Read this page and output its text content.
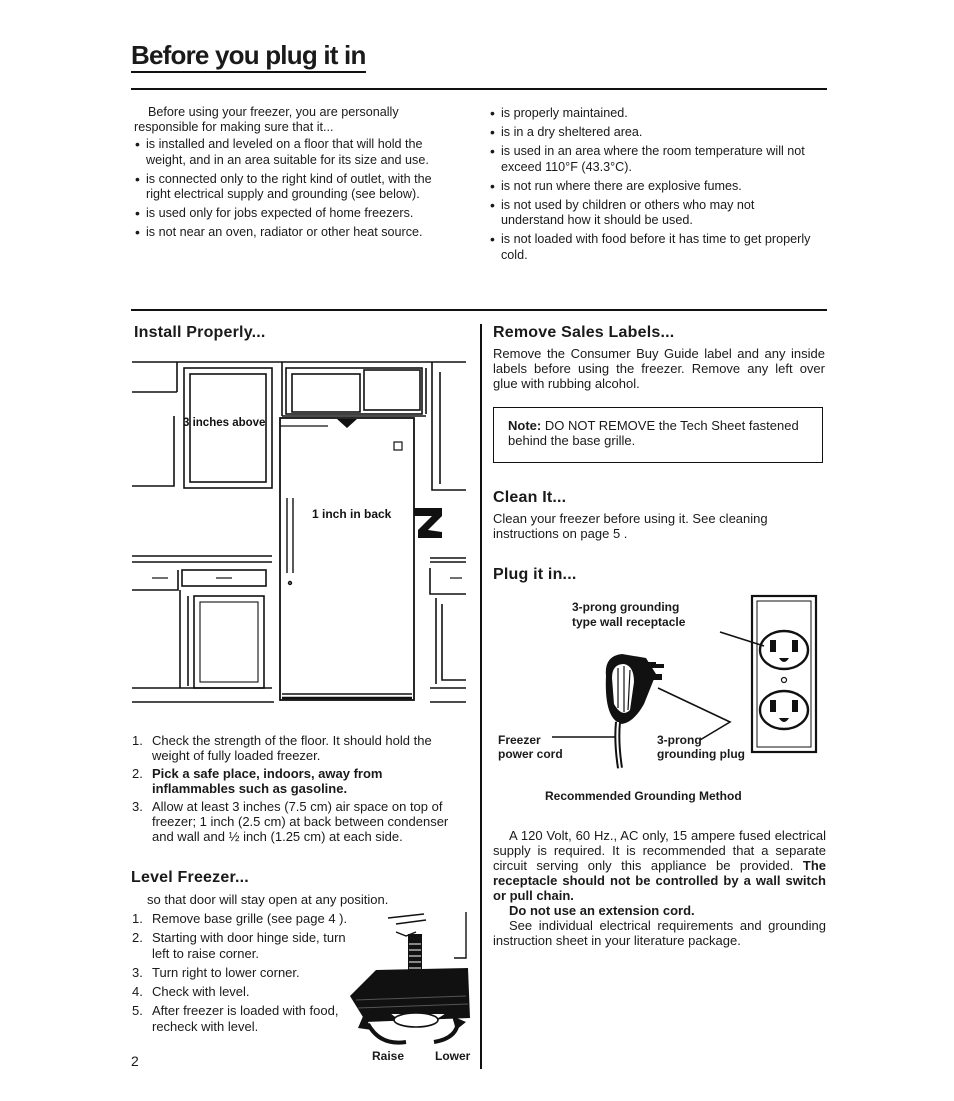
Before you plug it in

Before using your freezer, you are personally responsible for making sure that it...

• is installed and leveled on a floor that will hold the weight, and in an area suitable for its size and use.
• is connected only to the right kind of outlet, with the right electrical supply and grounding (see below).
• is used only for jobs expected of home freezers.
• is not near an oven, radiator or other heat source.
• is properly maintained.
• is in a dry sheltered area.
• is used in an area where the room temperature will not exceed 110°F (43.3°C).
• is not run where there are explosive fumes.
• is not used by children or others who may not understand how it should be used.
• is not loaded with food before it has time to get properly cold.
Install Properly...
3 inches above
1 inch in back
1. Check the strength of the floor. It should hold the weight of fully loaded freezer.
2. Pick a safe place, indoors, away from inflammables such as gasoline.
3. Allow at least 3 inches (7.5 cm) air space on top of freezer; 1 inch (2.5 cm) at back between condenser and wall and ½ inch (1.25 cm) at each side.
Level Freezer...

so that door will stay open at any position.

1. Remove base grille (see page 4 ).
2. Starting with door hinge side, turn left to raise corner.
3. Turn right to lower corner.
4. Check with level.
5. After freezer is loaded with food, recheck with level.
Raise	Lower
2
Remove Sales Labels...

Remove the Consumer Buy Guide label and any inside labels before using the freezer. Remove any left over glue with rubbing alcohol.

Note: DO NOT REMOVE the Tech Sheet fastened behind the base grille.
Clean It...

Clean your freezer before using it. See cleaning instructions on page 5 .

Plug it in...
3-prong grounding
type wall receptacle
Freezer
power cord
3-prong
grounding plug
Recommended Grounding Method

A 120 Volt, 60 Hz., AC only, 15 ampere fused electrical supply is required. It is recommended that a separate circuit serving only this appliance be provided. The receptacle should not be controlled by a wall switch or pull chain.

Do not use an extension cord.

See individual electrical requirements and grounding instruction sheet in your literature package.
